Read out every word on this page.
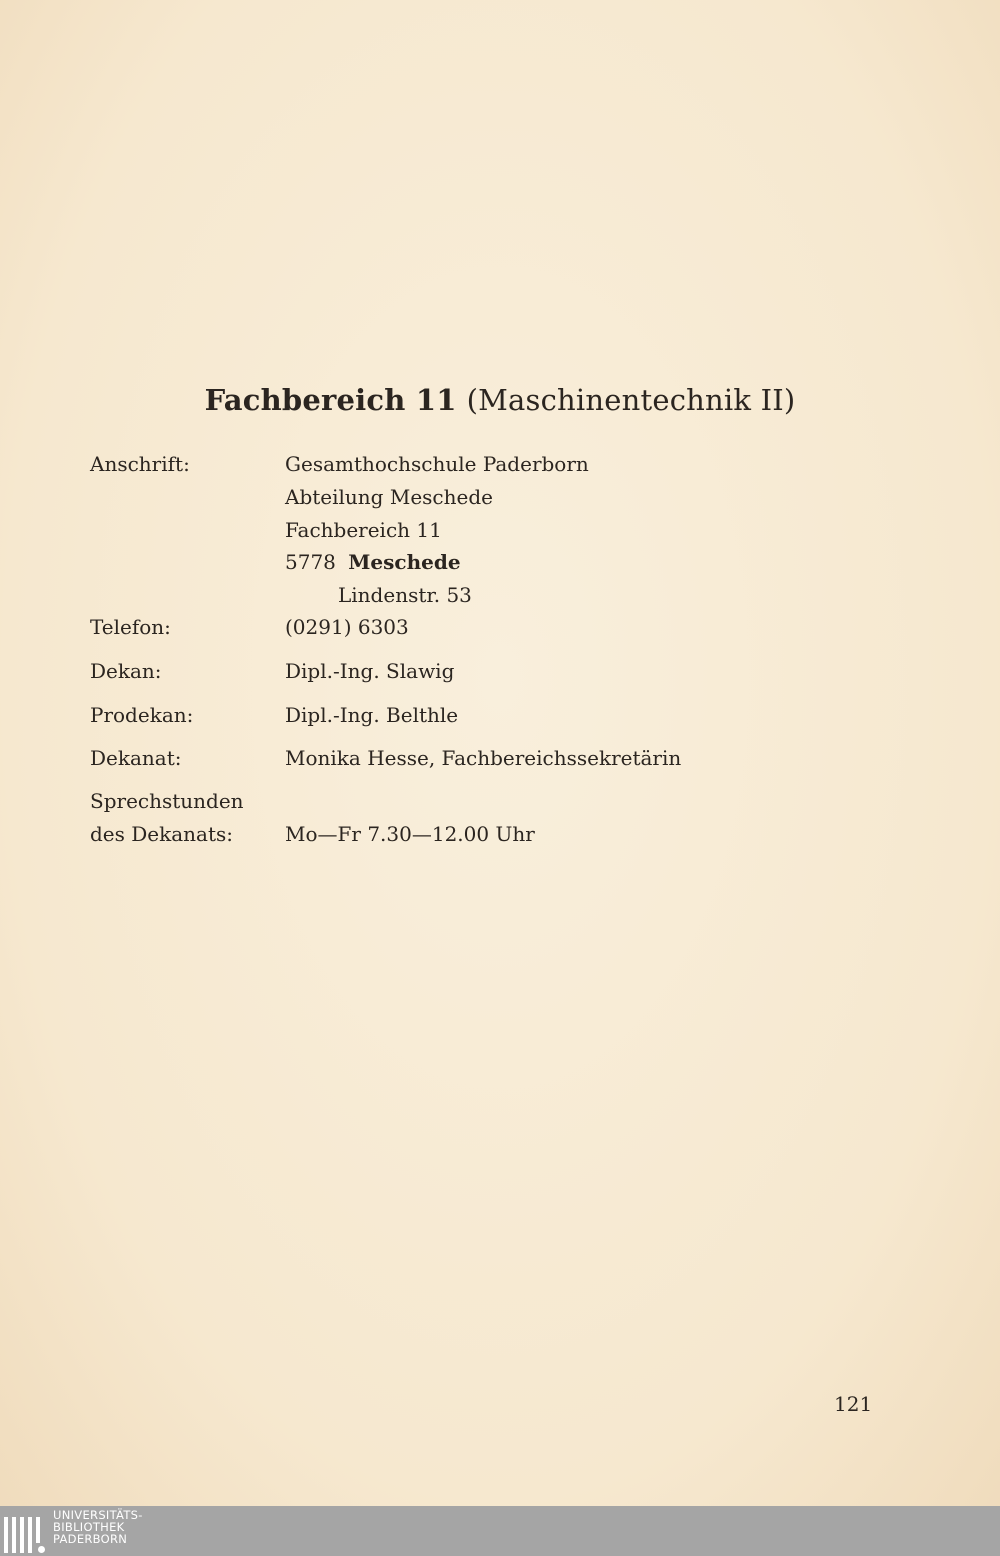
Fachbereich 11 (Maschinentechnik II)
Anschrift:	Gesamthochschule Paderborn
Abteilung Meschede
Fachbereich 11
5778 Meschede
Lindenstr. 53
Telefon:	(0291) 6303
Dekan:	Dipl.-Ing. Slawig
Prodekan:	Dipl.-Ing. Belthle
Dekanat:	Monika Hesse, Fachbereichssekretärin
Sprechstunden
des Dekanats:	Mo—Fr 7.30—12.00 Uhr
121
UNIVERSITÄTS-
BIBLIOTHEK
PADERBORN
